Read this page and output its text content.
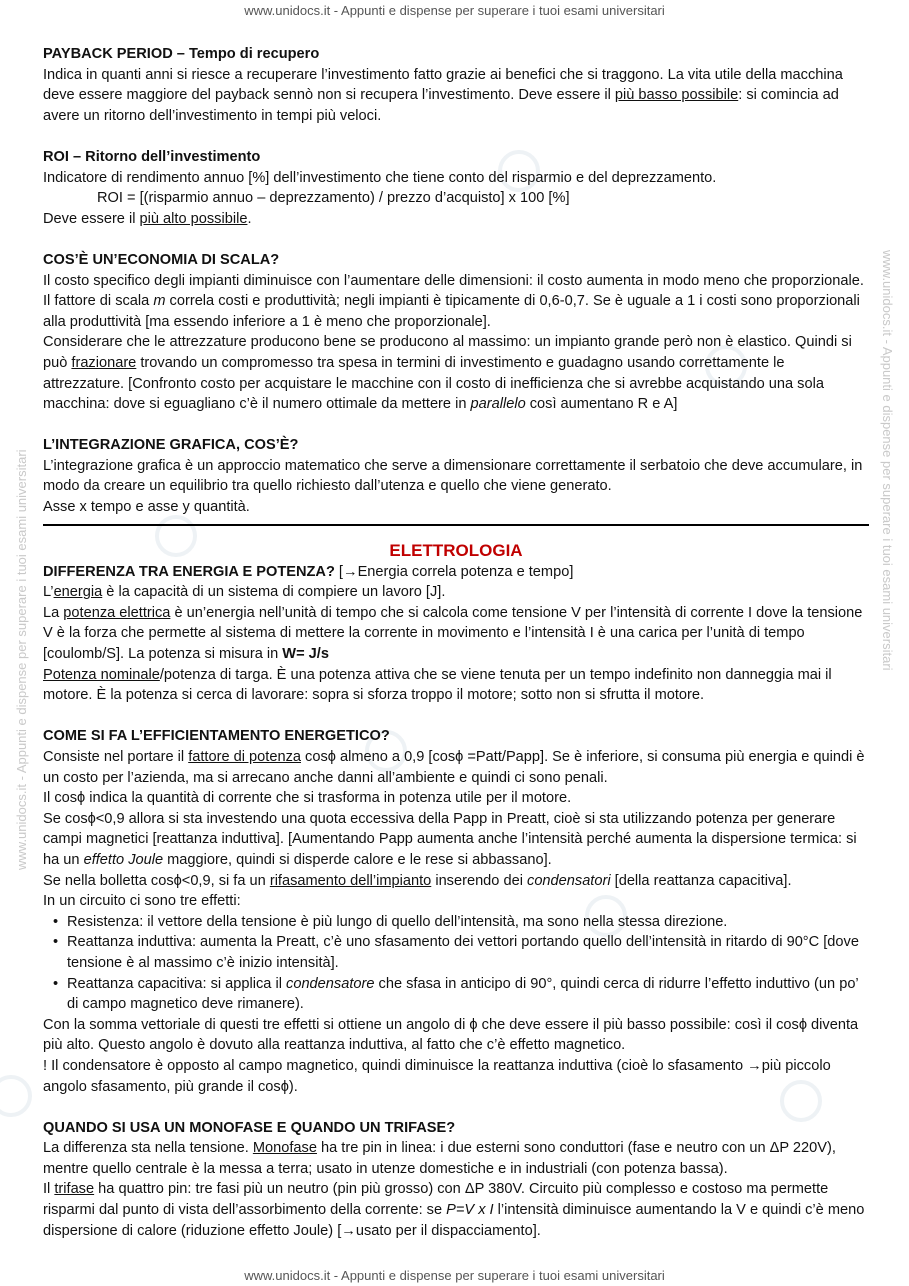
www.unidocs.it - Appunti e dispense per superare i tuoi esami universitari
www.unidocs.it - Appunti e dispense per superare i tuoi esami universitari	www.unidocs.it - Appunti e dispense per superare i tuoi esami universitari

PAYBACK PERIOD – Tempo di recupero

Indica in quanti anni si riesce a recuperare l’investimento fatto grazie ai benefici che si traggono. La vita utile della macchina deve essere maggiore del payback sennò non si recupera l’investimento. Deve essere il più basso possibile: si comincia ad avere un ritorno dell’investimento in tempi più veloci.

ROI – Ritorno dell’investimento

Indicatore di rendimento annuo [%] dell’investimento che tiene conto del risparmio e del deprezzamento.

ROI = [(risparmio annuo – deprezzamento) / prezzo d’acquisto] x 100 [%]

Deve essere il più alto possibile.

COS’È UN’ECONOMIA DI SCALA?

Il costo specifico degli impianti diminuisce con l’aumentare delle dimensioni: il costo aumenta in modo meno che proporzionale. Il fattore di scala m correla costi e produttività; negli impianti è tipicamente di 0,6-0,7. Se è uguale a 1 i costi sono proporzionali alla produttività [ma essendo inferiore a 1 è meno che proporzionale].

Considerare che le attrezzature producono bene se producono al massimo: un impianto grande però non è elastico. Quindi si può frazionare trovando un compromesso tra spesa in termini di investimento e guadagno usando correttamente le attrezzature. [Confronto costo per acquistare le macchine con il costo di inefficienza che si avrebbe acquistando una sola macchina: dove si eguagliano c’è il numero ottimale da mettere in parallelo così aumentano R e A]

L’INTEGRAZIONE GRAFICA, COS’È?

L’integrazione grafica è un approccio matematico che serve a dimensionare correttamente il serbatoio che deve accumulare, in modo da creare un equilibrio tra quello richiesto dall’utenza e quello che viene generato.

Asse x tempo e asse y quantità.

ELETTROLOGIA

DIFFERENZA TRA ENERGIA E POTENZA? [→Energia correla potenza e tempo]

L’energia è la capacità di un sistema di compiere un lavoro [J].

La potenza elettrica è un’energia nell’unità di tempo che si calcola come tensione V per l’intensità di corrente I dove la tensione V è la forza che permette al sistema di mettere la corrente in movimento e l’intensità I è una carica per l’unità di tempo [coulomb/S]. La potenza si misura in W= J/s

Potenza nominale/potenza di targa. È una potenza attiva che se viene tenuta per un tempo indefinito non danneggia mai il motore. È la potenza si cerca di lavorare: sopra si sforza troppo il motore; sotto non si sfrutta il motore.

COME SI FA L’EFFICIENTAMENTO ENERGETICO?

Consiste nel portare il fattore di potenza cosϕ almeno a 0,9 [cosϕ =Patt/Papp]. Se è inferiore, si consuma più energia e quindi è un costo per l’azienda, ma si arrecano anche danni all’ambiente e quindi ci sono penali.

Il cosϕ indica la quantità di corrente che si trasforma in potenza utile per il motore.

Se cosϕ<0,9 allora si sta investendo una quota eccessiva della Papp in Preatt, cioè si sta utilizzando potenza per generare campi magnetici [reattanza induttiva]. [Aumentando Papp aumenta anche l’intensità perché aumenta la dispersione termica: si ha un effetto Joule maggiore, quindi si disperde calore e le rese si abbassano].

Se nella bolletta cosϕ<0,9, si fa un rifasamento dell’impianto inserendo dei condensatori [della reattanza capacitiva].

In un circuito ci sono tre effetti:

• Resistenza: il vettore della tensione è più lungo di quello dell’intensità, ma sono nella stessa direzione.
• Reattanza induttiva: aumenta la Preatt, c’è uno sfasamento dei vettori portando quello dell’intensità in ritardo di 90°C [dove tensione è al massimo c’è inizio intensità].
• Reattanza capacitiva: si applica il condensatore che sfasa in anticipo di 90°, quindi cerca di ridurre l’effetto induttivo (un po’ di campo magnetico deve rimanere).

Con la somma vettoriale di questi tre effetti si ottiene un angolo di ϕ che deve essere il più basso possibile: così il cosϕ diventa più alto. Questo angolo è dovuto alla reattanza induttiva, al fatto che c’è effetto magnetico.

! Il condensatore è opposto al campo magnetico, quindi diminuisce la reattanza induttiva (cioè lo sfasamento →più piccolo angolo sfasamento, più grande il cosϕ).

QUANDO SI USA UN MONOFASE E QUANDO UN TRIFASE?

La differenza sta nella tensione. Monofase ha tre pin in linea: i due esterni sono conduttori (fase e neutro con un ΔP 220V), mentre quello centrale è la messa a terra; usato in utenze domestiche e in industriali (con potenza bassa).

Il trifase ha quattro pin: tre fasi più un neutro (pin più grosso) con ΔP 380V. Circuito più complesso e costoso ma permette risparmi dal punto di vista dell’assorbimento della corrente: se P=V x I l’intensità diminuisce aumentando la V e quindi c’è meno dispersione di calore (riduzione effetto Joule) [→usato per il dispacciamento].

www.unidocs.it - Appunti e dispense per superare i tuoi esami universitari
